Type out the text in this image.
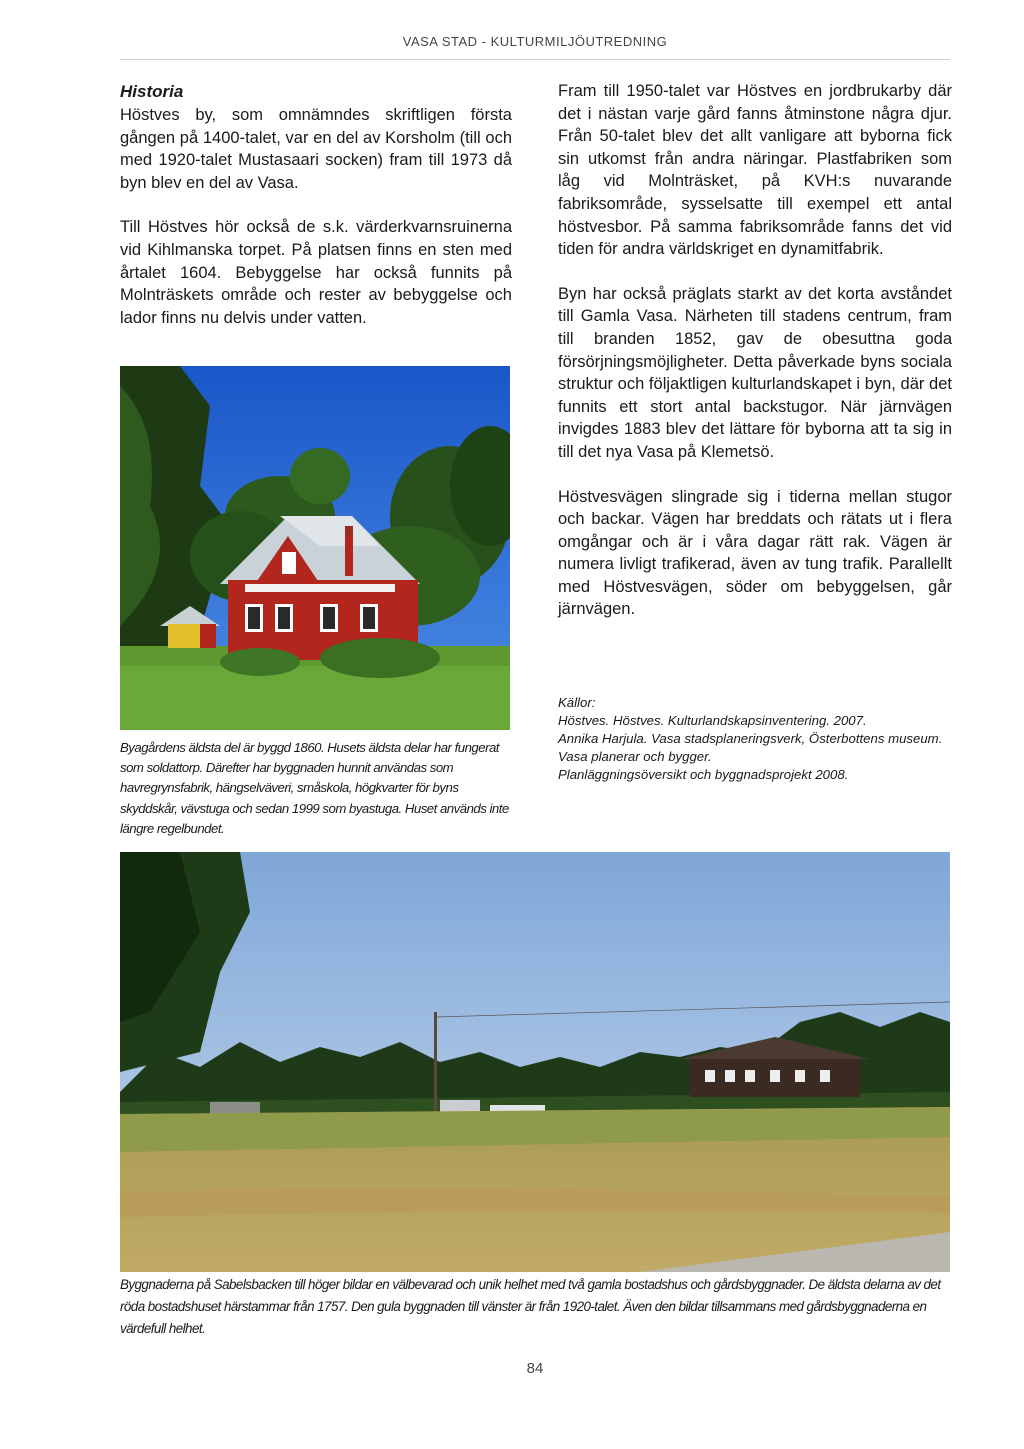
VASA STAD - KULTURMILJÖUTREDNING
Historia

Höstves by, som omnämndes skriftligen första gången på 1400-talet, var en del av Korsholm (till och med 1920-talet Mustasaari socken) fram till 1973 då byn blev en del av Vasa.

Till Höstves hör också de s.k. värderkvarnsruinerna vid Kihlmanska torpet. På platsen finns en sten med årtalet 1604. Bebyggelse har också funnits på Molnträskets område och rester av bebyggelse och lador finns nu delvis under vatten.

Byagårdens äldsta del är byggd 1860. Husets äldsta delar har fungerat som soldattorp. Därefter har byggnaden hunnit användas som havregrynsfabrik, hängselväveri, småskola, högkvarter för byns skyddskår, vävstuga och sedan 1999 som byastuga. Huset används inte längre regelbundet.

Fram till 1950-talet var Höstves en jordbrukarby där det i nästan varje gård fanns åtminstone några djur. Från 50-talet blev det allt vanligare att byborna fick sin utkomst från andra näringar. Plastfabriken som låg vid Molnträsket, på KVH:s nuvarande fabriksområde, sysselsatte till exempel ett antal höstvesbor. På samma fabriksområde fanns det vid tiden för andra världskriget en dynamitfabrik.

Byn har också präglats starkt av det korta avståndet till Gamla Vasa. Närheten till stadens centrum, fram till branden 1852, gav de obesuttna goda försörjningsmöjligheter. Detta påverkade byns sociala struktur och följaktligen kulturlandskapet i byn, där det funnits ett stort antal backstugor. När järnvägen invigdes 1883 blev det lättare för byborna att ta sig in till det nya Vasa på Klemetsö.

Höstvesvägen slingrade sig i tiderna mellan stugor och backar. Vägen har breddats och rätats ut i flera omgångar och är i våra dagar rätt rak. Vägen är numera livligt trafikerad, även av tung trafik. Parallellt med Höstvesvägen, söder om bebyggelsen, går järnvägen.

Källor:
Höstves. Höstves. Kulturlandskapsinventering. 2007.
Annika Harjula. Vasa stadsplaneringsverk, Österbottens museum.
Vasa planerar och bygger.
Planläggningsöversikt och byggnadsprojekt 2008.
Byggnaderna på Sabelsbacken till höger bildar en välbevarad och unik helhet med två gamla bostadshus och gårdsbyggnader. De äldsta delarna av det röda bostadshuset härstammar från 1757. Den gula byggnaden till vänster är från 1920-talet. Även den bildar tillsammans med gårdsbyggnaderna en värdefull helhet.
84
